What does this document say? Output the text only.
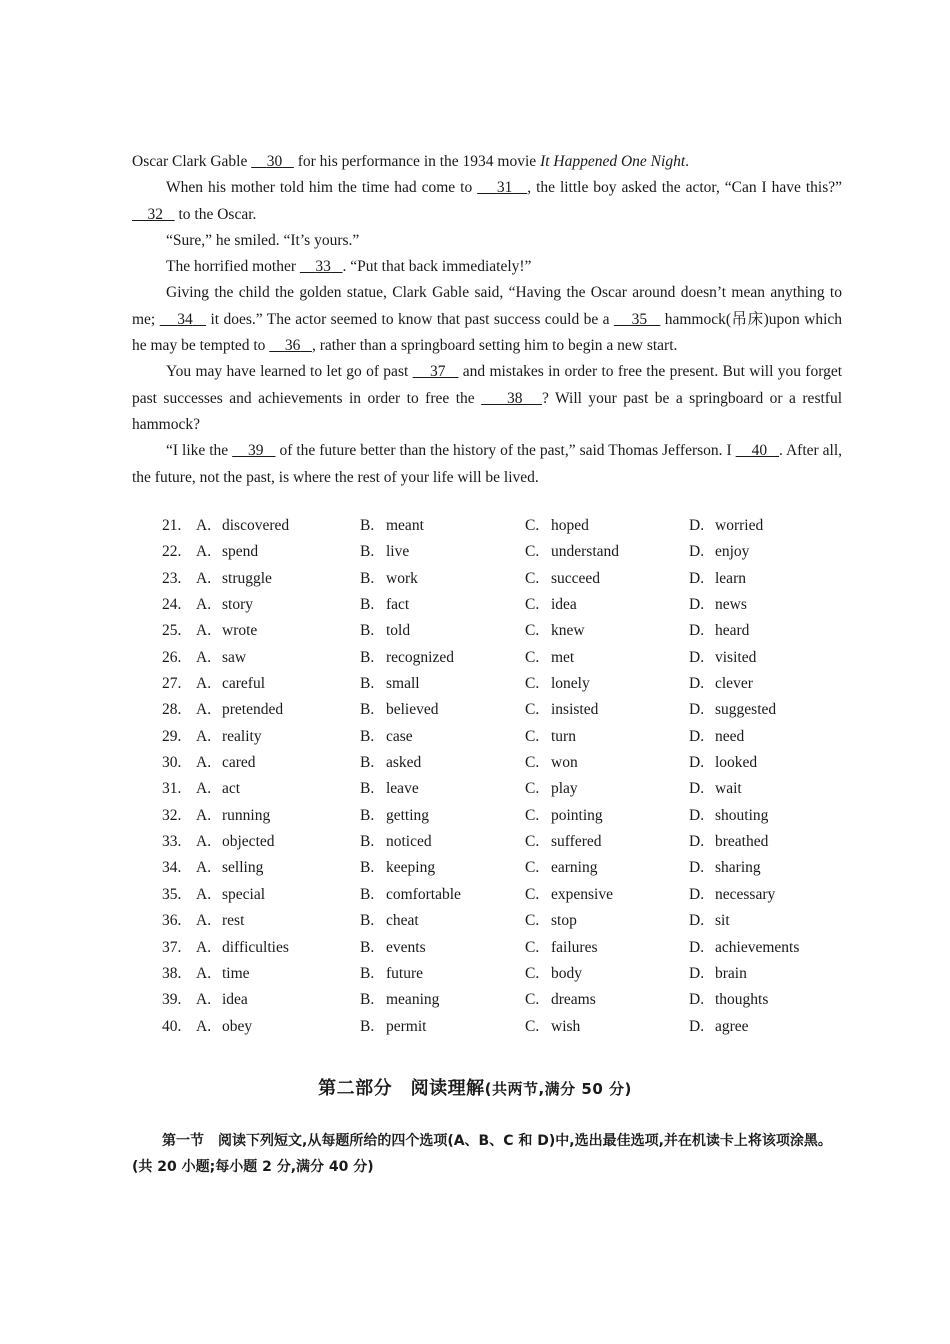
Oscar Clark Gable     30    for his performance in the 1934 movie It Happened One Night.

When his mother told him the time had come to     31 , the little boy asked the actor, “Can I have this?”     32    to the Oscar.

“Sure,” he smiled. “It’s yours.”

The horrified mother     33 . “Put that back immediately!”

Giving the child the golden statue, Clark Gable said, “Having the Oscar around doesn’t mean anything to me;     34    it does.” The actor seemed to know that past success could be a     35    hammock(吊床)upon which he may be tempted to     36 , rather than a springboard setting him to begin a new start.

You may have learned to let go of past     37    and mistakes in order to free the present. But will you forget past successes and achievements in order to free the     38 ? Will your past be a springboard or a restful hammock?

“I like the     39    of the future better than the history of the past,” said Thomas Jefferson. I     40 . After all, the future, not the past, is where the rest of your life will be lived.

21. A. discovered	B. meant	C. hoped	D. worried
22. A. spend	B. live	C. understand	D. enjoy
23. A. struggle	B. work	C. succeed	D. learn
24. A. story	B. fact	C. idea	D. news
25. A. wrote	B. told	C. knew	D. heard
26. A. saw	B. recognized	C. met	D. visited
27. A. careful	B. small	C. lonely	D. clever
28. A. pretended	B. believed	C. insisted	D. suggested
29. A. reality	B. case	C. turn	D. need
30. A. cared	B. asked	C. won	D. looked
31. A. act	B. leave	C. play	D. wait
32. A. running	B. getting	C. pointing	D. shouting
33. A. objected	B. noticed	C. suffered	D. breathed
34. A. selling	B. keeping	C. earning	D. sharing
35. A. special	B. comfortable	C. expensive	D. necessary
36. A. rest	B. cheat	C. stop	D. sit
37. A. difficulties	B. events	C. failures	D. achievements
38. A. time	B. future	C. body	D. brain
39. A. idea	B. meaning	C. dreams	D. thoughts
40. A. obey	B. permit	C. wish	D. agree
第二部分　阅读理解(共两节,满分 50 分)

第一节　阅读下列短文,从每题所给的四个选项(A、B、C 和 D)中,选出最佳选项,并在机读卡上将该项涂黑。(共 20 小题;每小题 2 分,满分 40 分)
